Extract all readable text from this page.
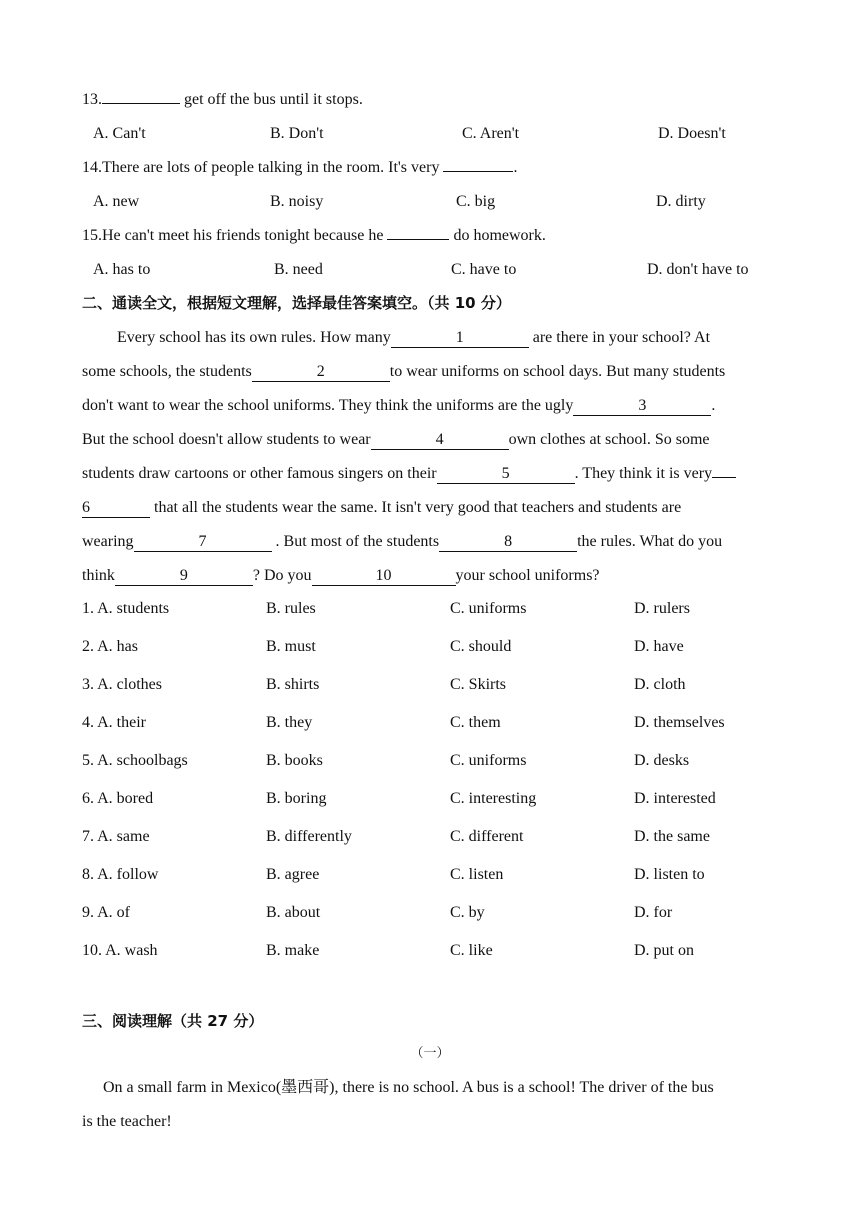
13.	get off the bus until it stops.
A. Can't	B. Don't	C. Aren't	D. Doesn't
14.There are lots of people talking in the room. It's very	.
A. new	B. noisy	C. big	D. dirty
15.He can't meet his friends tonight because he	do homework.
A. has to	B. need	C. have to	D. don't have to
二、通读全文，根据短文理解，选择最佳答案填空。（共 10 分）
Every school has its own rules. How many	1	are there in your school? At
some schools, the students	2	to wear uniforms on school days. But many students
don't want to wear the school uniforms. They think the uniforms are the ugly	3	.
But the school doesn't allow students to wear	4	own clothes at school. So some
students draw cartoons or other famous singers on their	5	. They think it is very
6	that all the students wear the same. It isn't very good that teachers and students are
wearing	7	. But most of the students	8	the rules. What do you
think	9	? Do you	10	your school uniforms?
1. A. students	B. rules	C. uniforms	D. rulers
2. A. has	B. must	C. should	D. have
3. A. clothes	B. shirts	C. Skirts	D. cloth
4. A. their	B. they	C. them	D. themselves
5. A. schoolbags	B. books	C. uniforms	D. desks
6. A. bored	B. boring	C. interesting	D. interested
7. A. same	B. differently	C. different	D. the same
8. A. follow	B. agree	C. listen	D. listen to
9. A. of	B. about	C. by	D. for
10. A. wash	B. make	C. like	D. put on
三、阅读理解（共 27 分）
（一）
On a small farm in Mexico(墨西哥), there is no school. A bus is a school! The driver of the bus
is the teacher!
